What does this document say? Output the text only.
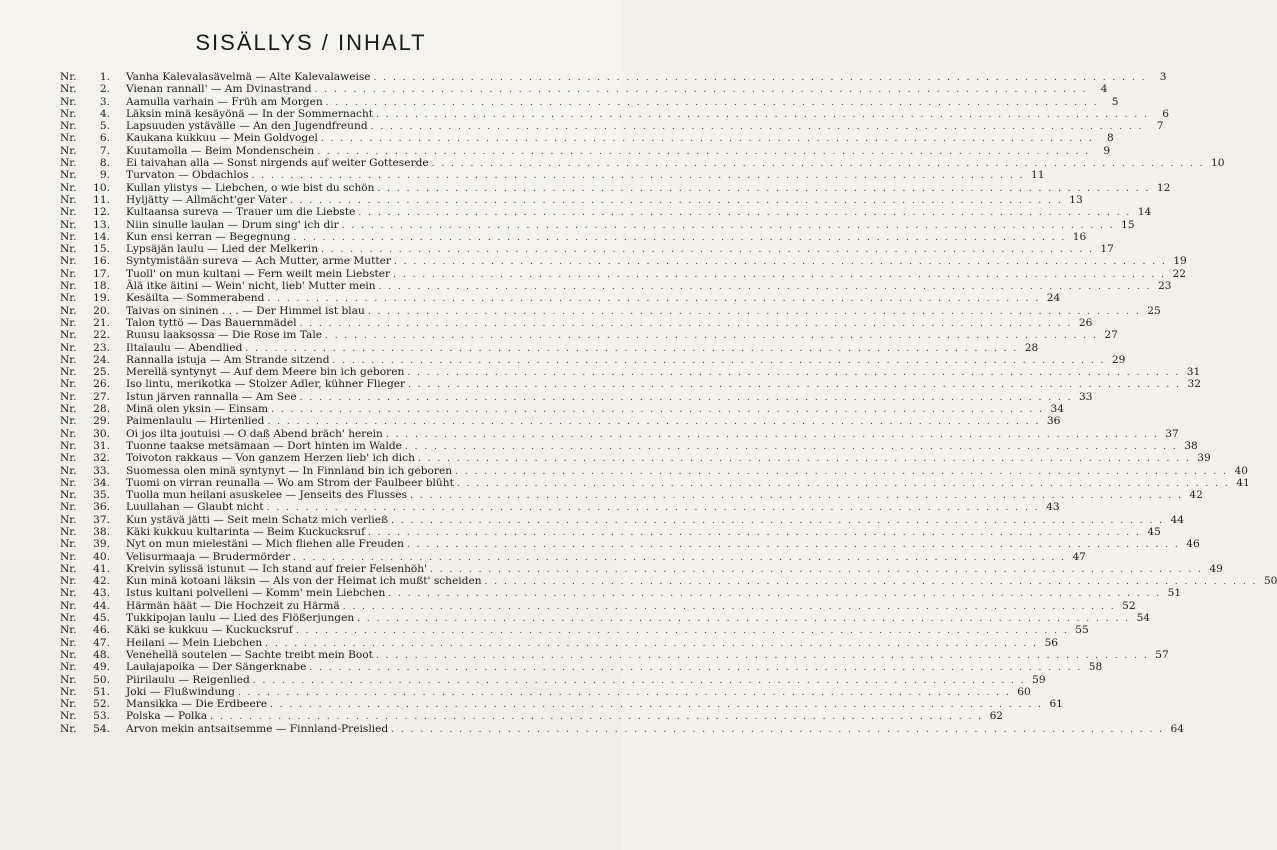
SISÄLLYS / INHALT
Nr.	1. Vanha Kalevalasävelmä — Alte Kalevalaweise . . . . . . . . . . . . . . . . . . . . . . . . . . . . . . . . . . . . . . . . . . . . . . . . . . . . . . . . . . . . . . . . . . . . . . . . . . . . . . . .	3
Nr.	2. Vienan rannall' — Am Dvinastrand . . . . . . . . . . . . . . . . . . . . . . . . . . . . . . . . . . . . . . . . . . . . . . . . . . . . . . . . . . . . . . . . . . . . . . . . . . . . . . . .	4
Nr.	3. Aamulla varhain — Früh am Morgen . . . . . . . . . . . . . . . . . . . . . . . . . . . . . . . . . . . . . . . . . . . . . . . . . . . . . . . . . . . . . . . . . . . . . . . . . . . . . . . .	5
Nr.	4. Läksin minä kesäyönä — In der Sommernacht . . . . . . . . . . . . . . . . . . . . . . . . . . . . . . . . . . . . . . . . . . . . . . . . . . . . . . . . . . . . . . . . . . . . . . . . . . . . . . . .	6
Nr.	5. Lapsuuden ystävälle — An den Jugendfreund . . . . . . . . . . . . . . . . . . . . . . . . . . . . . . . . . . . . . . . . . . . . . . . . . . . . . . . . . . . . . . . . . . . . . . . . . . . . . . . .	7
Nr.	6. Kaukana kukkuu — Mein Goldvogel . . . . . . . . . . . . . . . . . . . . . . . . . . . . . . . . . . . . . . . . . . . . . . . . . . . . . . . . . . . . . . . . . . . . . . . . . . . . . . . .	8
Nr.	7. Kuutamolla — Beim Mondenschein . . . . . . . . . . . . . . . . . . . . . . . . . . . . . . . . . . . . . . . . . . . . . . . . . . . . . . . . . . . . . . . . . . . . . . . . . . . . . . . .	9
Nr.	8. Ei taivahan alla — Sonst nirgends auf weiter Gotteserde . . . . . . . . . . . . . . . . . . . . . . . . . . . . . . . . . . . . . . . . . . . . . . . . . . . . . . . . . . . . . . . . . . . . . . . . . . . . . . . . 10
Nr.	9. Turvaton — Obdachlos . . . . . . . . . . . . . . . . . . . . . . . . . . . . . . . . . . . . . . . . . . . . . . . . . . . . . . . . . . . . . . . . . . . . . . . . . . . . . . . . 11
Nr.	10. Kullan ylistys — Liebchen, o wie bist du schön . . . . . . . . . . . . . . . . . . . . . . . . . . . . . . . . . . . . . . . . . . . . . . . . . . . . . . . . . . . . . . . . . . . . . . . . . . . . . . . . 12
Nr.	11. Hyljätty — Allmächt'ger Vater . . . . . . . . . . . . . . . . . . . . . . . . . . . . . . . . . . . . . . . . . . . . . . . . . . . . . . . . . . . . . . . . . . . . . . . . . . . . . . . . 13
Nr.	12. Kultaansa sureva — Trauer um die Liebste . . . . . . . . . . . . . . . . . . . . . . . . . . . . . . . . . . . . . . . . . . . . . . . . . . . . . . . . . . . . . . . . . . . . . . . . . . . . . . . . 14
Nr.	13. Niin sinulle laulan — Drum sing' ich dir . . . . . . . . . . . . . . . . . . . . . . . . . . . . . . . . . . . . . . . . . . . . . . . . . . . . . . . . . . . . . . . . . . . . . . . . . . . . . . . . 15
Nr.	14. Kun ensi kerran — Begegnung . . . . . . . . . . . . . . . . . . . . . . . . . . . . . . . . . . . . . . . . . . . . . . . . . . . . . . . . . . . . . . . . . . . . . . . . . . . . . . . . 16
Nr.	15. Lypsäjän laulu — Lied der Melkerin . . . . . . . . . . . . . . . . . . . . . . . . . . . . . . . . . . . . . . . . . . . . . . . . . . . . . . . . . . . . . . . . . . . . . . . . . . . . . . . . 17
Nr.	16. Syntymistään sureva — Ach Mutter, arme Mutter . . . . . . . . . . . . . . . . . . . . . . . . . . . . . . . . . . . . . . . . . . . . . . . . . . . . . . . . . . . . . . . . . . . . . . . . . . . . . . . . 19
Nr.	17. Tuoll' on mun kultani — Fern weilt mein Liebster . . . . . . . . . . . . . . . . . . . . . . . . . . . . . . . . . . . . . . . . . . . . . . . . . . . . . . . . . . . . . . . . . . . . . . . . . . . . . . . . 22
Nr.	18. Älä itke äitini — Wein' nicht, lieb' Mutter mein . . . . . . . . . . . . . . . . . . . . . . . . . . . . . . . . . . . . . . . . . . . . . . . . . . . . . . . . . . . . . . . . . . . . . . . . . . . . . . . . 23
Nr.	19. Kesäilta — Sommerabend . . . . . . . . . . . . . . . . . . . . . . . . . . . . . . . . . . . . . . . . . . . . . . . . . . . . . . . . . . . . . . . . . . . . . . . . . . . . . . . . 24
Nr.	20. Taivas on sininen . . . — Der Himmel ist blau . . . . . . . . . . . . . . . . . . . . . . . . . . . . . . . . . . . . . . . . . . . . . . . . . . . . . . . . . . . . . . . . . . . . . . . . . . . . . . . . 25
Nr.	21. Talon tyttö — Das Bauernmädel . . . . . . . . . . . . . . . . . . . . . . . . . . . . . . . . . . . . . . . . . . . . . . . . . . . . . . . . . . . . . . . . . . . . . . . . . . . . . . . . 26
Nr.	22. Ruusu laaksossa — Die Rose im Tale . . . . . . . . . . . . . . . . . . . . . . . . . . . . . . . . . . . . . . . . . . . . . . . . . . . . . . . . . . . . . . . . . . . . . . . . . . . . . . . . 27
Nr.	23. Iltalaulu — Abendlied . . . . . . . . . . . . . . . . . . . . . . . . . . . . . . . . . . . . . . . . . . . . . . . . . . . . . . . . . . . . . . . . . . . . . . . . . . . . . . . . 28
Nr.	24. Rannalla istuja — Am Strande sitzend . . . . . . . . . . . . . . . . . . . . . . . . . . . . . . . . . . . . . . . . . . . . . . . . . . . . . . . . . . . . . . . . . . . . . . . . . . . . . . . . 29
Nr.	25. Merellä syntynyt — Auf dem Meere bin ich geboren . . . . . . . . . . . . . . . . . . . . . . . . . . . . . . . . . . . . . . . . . . . . . . . . . . . . . . . . . . . . . . . . . . . . . . . . . . . . . . . . 31
Nr.	26. Iso lintu, merikotka — Stolzer Adler, kühner Flieger . . . . . . . . . . . . . . . . . . . . . . . . . . . . . . . . . . . . . . . . . . . . . . . . . . . . . . . . . . . . . . . . . . . . . . . . . . . . . . . . 32
Nr.	27. Istun järven rannalla — Am See . . . . . . . . . . . . . . . . . . . . . . . . . . . . . . . . . . . . . . . . . . . . . . . . . . . . . . . . . . . . . . . . . . . . . . . . . . . . . . . . 33
Nr.	28. Minä olen yksin — Einsam . . . . . . . . . . . . . . . . . . . . . . . . . . . . . . . . . . . . . . . . . . . . . . . . . . . . . . . . . . . . . . . . . . . . . . . . . . . . . . . . 34
Nr.	29. Paimenlaulu — Hirtenlied . . . . . . . . . . . . . . . . . . . . . . . . . . . . . . . . . . . . . . . . . . . . . . . . . . . . . . . . . . . . . . . . . . . . . . . . . . . . . . . . 36
Nr.	30. Oi jos ilta joutuisi — O daß Abend bräch' herein . . . . . . . . . . . . . . . . . . . . . . . . . . . . . . . . . . . . . . . . . . . . . . . . . . . . . . . . . . . . . . . . . . . . . . . . . . . . . . . . 37
Nr.	31. Tuonne taakse metsämaan — Dort hinten im Walde . . . . . . . . . . . . . . . . . . . . . . . . . . . . . . . . . . . . . . . . . . . . . . . . . . . . . . . . . . . . . . . . . . . . . . . . . . . . . . . . 38
Nr.	32. Toivoton rakkaus — Von ganzem Herzen lieb' ich dich . . . . . . . . . . . . . . . . . . . . . . . . . . . . . . . . . . . . . . . . . . . . . . . . . . . . . . . . . . . . . . . . . . . . . . . . . . . . . . . . 39
Nr.	33. Suomessa olen minä syntynyt — In Finnland bin ich geboren . . . . . . . . . . . . . . . . . . . . . . . . . . . . . . . . . . . . . . . . . . . . . . . . . . . . . . . . . . . . . . . . . . . . . . . . . . . . . . . . 40
Nr.	34. Tuomi on virran reunalla — Wo am Strom der Faulbeer blüht . . . . . . . . . . . . . . . . . . . . . . . . . . . . . . . . . . . . . . . . . . . . . . . . . . . . . . . . . . . . . . . . . . . . . . . . . . . . . . . . 41
Nr.	35. Tuolla mun heilani asuskelee — Jenseits des Flusses . . . . . . . . . . . . . . . . . . . . . . . . . . . . . . . . . . . . . . . . . . . . . . . . . . . . . . . . . . . . . . . . . . . . . . . . . . . . . . . . 42
Nr.	36. Luullahan — Glaubt nicht . . . . . . . . . . . . . . . . . . . . . . . . . . . . . . . . . . . . . . . . . . . . . . . . . . . . . . . . . . . . . . . . . . . . . . . . . . . . . . . . 43
Nr.	37. Kun ystävä jätti — Seit mein Schatz mich verließ . . . . . . . . . . . . . . . . . . . . . . . . . . . . . . . . . . . . . . . . . . . . . . . . . . . . . . . . . . . . . . . . . . . . . . . . . . . . . . . . 44
Nr.	38. Käki kukkuu kultarinta — Beim Kuckucksruf . . . . . . . . . . . . . . . . . . . . . . . . . . . . . . . . . . . . . . . . . . . . . . . . . . . . . . . . . . . . . . . . . . . . . . . . . . . . . . . . 45
Nr.	39. Nyt on mun mielestäni — Mich fliehen alle Freuden . . . . . . . . . . . . . . . . . . . . . . . . . . . . . . . . . . . . . . . . . . . . . . . . . . . . . . . . . . . . . . . . . . . . . . . . . . . . . . . . 46
Nr.	40. Velisurmaaja — Brudermörder . . . . . . . . . . . . . . . . . . . . . . . . . . . . . . . . . . . . . . . . . . . . . . . . . . . . . . . . . . . . . . . . . . . . . . . . . . . . . . . . 47
Nr.	41. Kreivin sylissä istunut — Ich stand auf freier Felsenhöh' . . . . . . . . . . . . . . . . . . . . . . . . . . . . . . . . . . . . . . . . . . . . . . . . . . . . . . . . . . . . . . . . . . . . . . . . . . . . . . . . 49
Nr.	42. Kun minä kotoani läksin — Als von der Heimat ich mußt' scheiden . . . . . . . . . . . . . . . . . . . . . . . . . . . . . . . . . . . . . . . . . . . . . . . . . . . . . . . . . . . . . . . . . . . . . . . . . . . . . . . . 50
Nr.	43. Istus kultani polvelleni — Komm' mein Liebchen . . . . . . . . . . . . . . . . . . . . . . . . . . . . . . . . . . . . . . . . . . . . . . . . . . . . . . . . . . . . . . . . . . . . . . . . . . . . . . . . 51
Nr.	44. Härmän häät — Die Hochzeit zu Härmä . . . . . . . . . . . . . . . . . . . . . . . . . . . . . . . . . . . . . . . . . . . . . . . . . . . . . . . . . . . . . . . . . . . . . . . . . . . . . . . . 52
Nr.	45. Tukkipojan laulu — Lied des Flößerjungen . . . . . . . . . . . . . . . . . . . . . . . . . . . . . . . . . . . . . . . . . . . . . . . . . . . . . . . . . . . . . . . . . . . . . . . . . . . . . . . . 54
Nr.	46. Käki se kukkuu — Kuckucksruf . . . . . . . . . . . . . . . . . . . . . . . . . . . . . . . . . . . . . . . . . . . . . . . . . . . . . . . . . . . . . . . . . . . . . . . . . . . . . . . . 55
Nr.	47. Heilani — Mein Liebchen . . . . . . . . . . . . . . . . . . . . . . . . . . . . . . . . . . . . . . . . . . . . . . . . . . . . . . . . . . . . . . . . . . . . . . . . . . . . . . . . 56
Nr.	48. Venehellä soutelen — Sachte treibt mein Boot . . . . . . . . . . . . . . . . . . . . . . . . . . . . . . . . . . . . . . . . . . . . . . . . . . . . . . . . . . . . . . . . . . . . . . . . . . . . . . . . 57
Nr.	49. Laulajapoika — Der Sängerknabe . . . . . . . . . . . . . . . . . . . . . . . . . . . . . . . . . . . . . . . . . . . . . . . . . . . . . . . . . . . . . . . . . . . . . . . . . . . . . . . . 58
Nr.	50. Piirilaulu — Reigenlied . . . . . . . . . . . . . . . . . . . . . . . . . . . . . . . . . . . . . . . . . . . . . . . . . . . . . . . . . . . . . . . . . . . . . . . . . . . . . . . . 59
Nr.	51. Joki — Flußwindung . . . . . . . . . . . . . . . . . . . . . . . . . . . . . . . . . . . . . . . . . . . . . . . . . . . . . . . . . . . . . . . . . . . . . . . . . . . . . . . . 60
Nr.	52. Mansikka — Die Erdbeere . . . . . . . . . . . . . . . . . . . . . . . . . . . . . . . . . . . . . . . . . . . . . . . . . . . . . . . . . . . . . . . . . . . . . . . . . . . . . . . . 61
Nr.	53. Polska — Polka . . . . . . . . . . . . . . . . . . . . . . . . . . . . . . . . . . . . . . . . . . . . . . . . . . . . . . . . . . . . . . . . . . . . . . . . . . . . . . . . 62
Nr.	54. Arvon mekin antsaitsemme — Finnland-Preislied . . . . . . . . . . . . . . . . . . . . . . . . . . . . . . . . . . . . . . . . . . . . . . . . . . . . . . . . . . . . . . . . . . . . . . . . . . . . . . . . 64
